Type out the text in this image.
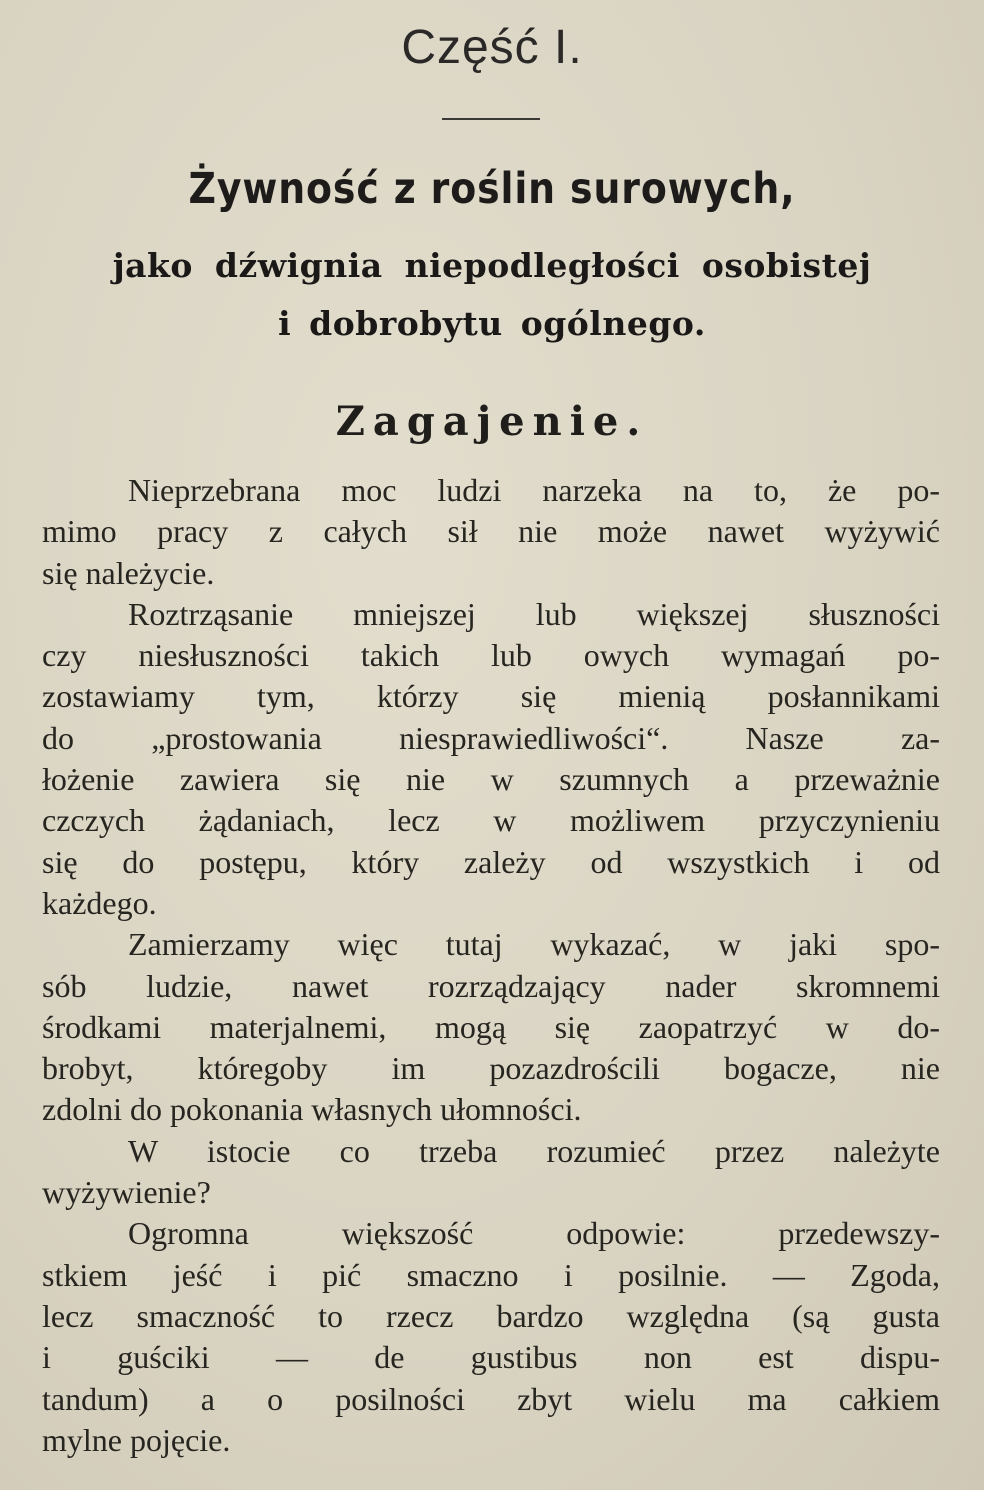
Część I.
Żywność z roślin surowych,
jako dźwignia niepodległości osobistej
i dobrobytu ogólnego.
Zagajenie.
Nieprzebrana moc ludzi narzeka na to, że po-
mimo pracy z całych sił nie może nawet wyżywić
się należycie.
Roztrząsanie mniejszej lub większej słuszności
czy niesłuszności takich lub owych wymagań po-
zostawiamy tym, którzy się mienią posłannikami
do „prostowania niesprawiedliwości“. Nasze za-
łożenie zawiera się nie w szumnych a przeważnie
czczych żądaniach, lecz w możliwem przyczynieniu
się do postępu, który zależy od wszystkich i od
każdego.
Zamierzamy więc tutaj wykazać, w jaki spo-
sób ludzie, nawet rozrządzający nader skromnemi
środkami materjalnemi, mogą się zaopatrzyć w do-
brobyt, któregoby im pozazdrościli bogacze, nie
zdolni do pokonania własnych ułomności.
W istocie co trzeba rozumieć przez należyte
wyżywienie?
Ogromna większość odpowie: przedewszy-
stkiem jeść i pić smaczno i posilnie. — Zgoda,
lecz smaczność to rzecz bardzo względna (są gusta
i guściki — de gustibus non est dispu-
tandum) a o posilności zbyt wielu ma całkiem
mylne pojęcie.
